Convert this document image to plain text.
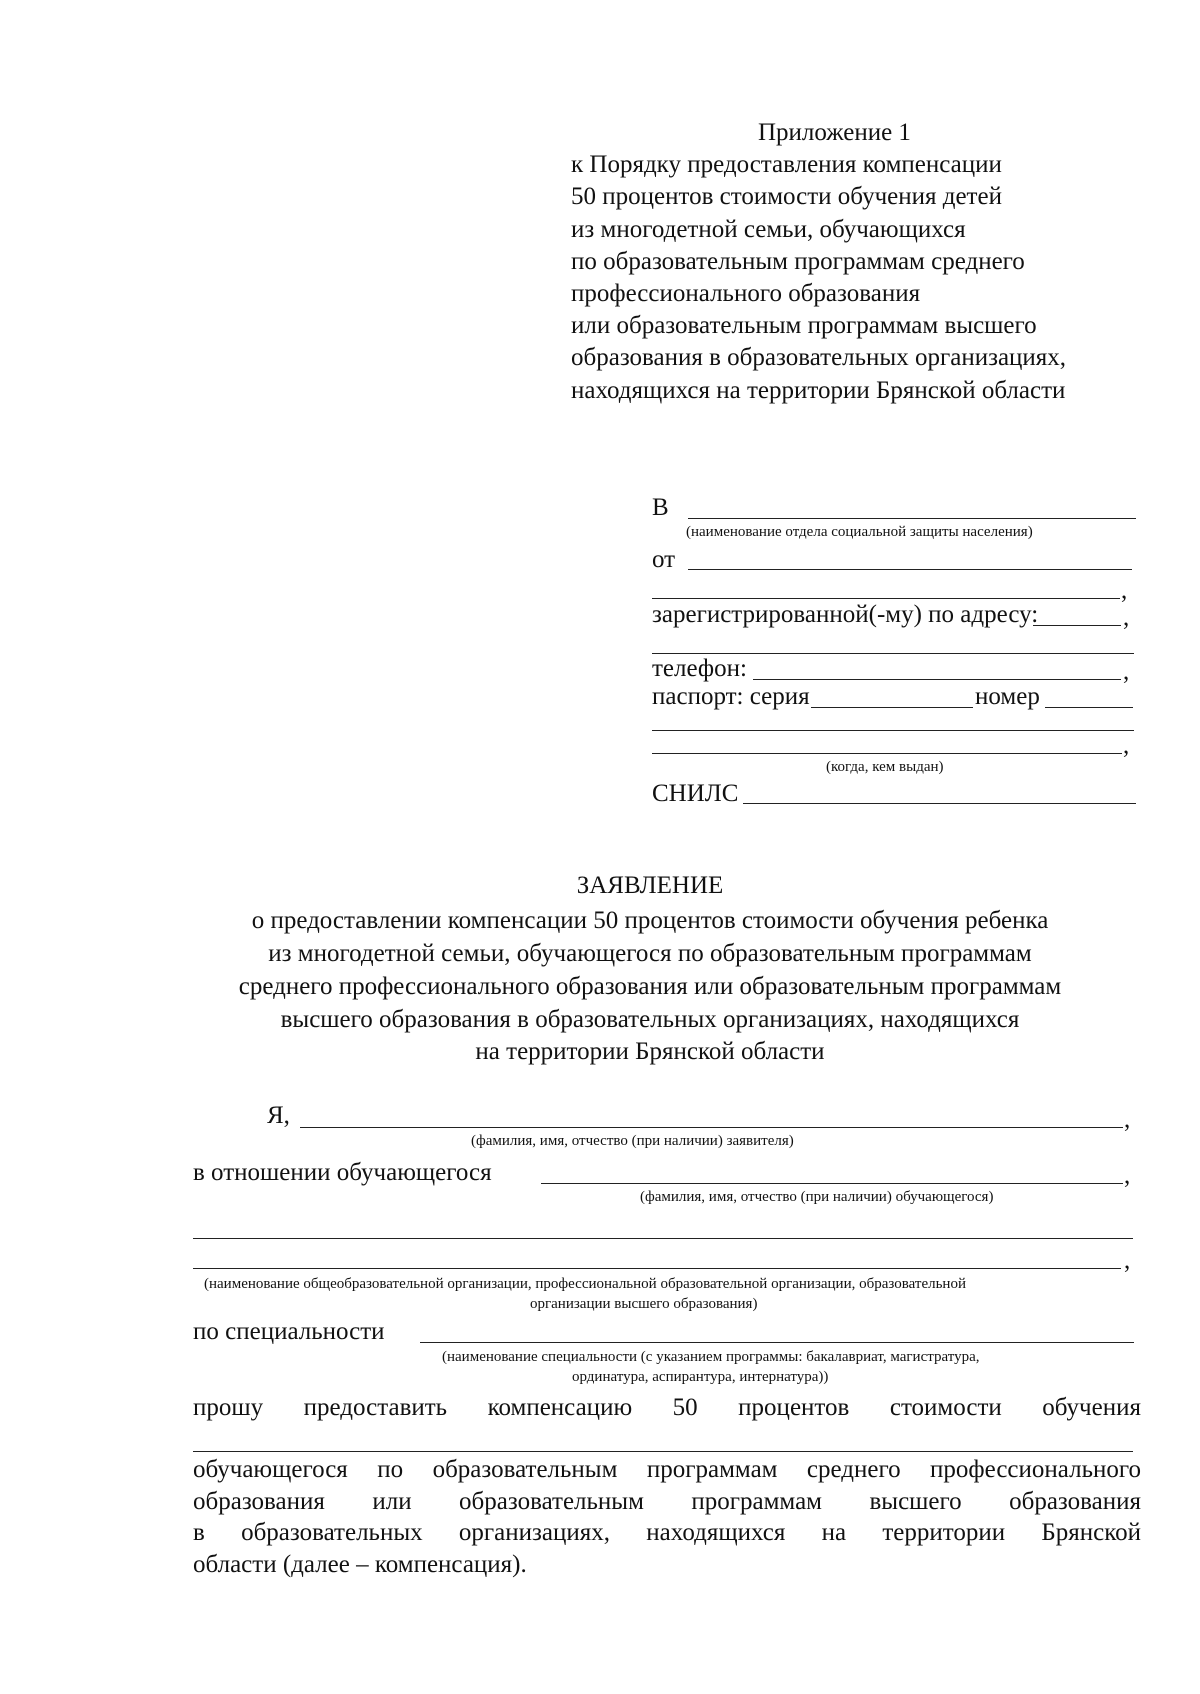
Приложение 1
к Порядку предоставления компенсации
50 процентов стоимости обучения детей
из многодетной семьи, обучающихся
по образовательным программам среднего
профессионального образования
или образовательным программам высшего
образования в образовательных организациях,
находящихся на территории Брянской области
В
(наименование отдела социальной защиты населения)
от
,
зарегистрированной(-му) по адресу:	,
телефон:	,
паспорт: серия	номер
,
(когда, кем выдан)
СНИЛС
ЗАЯВЛЕНИЕ
о предоставлении компенсации 50 процентов стоимости обучения ребенка
из многодетной семьи, обучающегося по образовательным программам
среднего профессионального образования или образовательным программам
высшего образования в образовательных организациях, находящихся
на территории Брянской области
Я,	,
(фамилия, имя, отчество (при наличии) заявителя)
в отношении обучающегося	,
(фамилия, имя, отчество (при наличии) обучающегося)
,
(наименование общеобразовательной организации, профессиональной образовательной организации, образовательной
организации высшего образования)
по специальности
(наименование специальности (с указанием программы: бакалавриат, магистратура,
ординатура, аспирантура, интернатура))
прошу предоставить компенсацию 50 процентов стоимости обучения
обучающегося по образовательным программам среднего профессионального
образования или образовательным программам высшего образования
в образовательных организациях, находящихся на территории Брянской
области (далее – компенсация).
